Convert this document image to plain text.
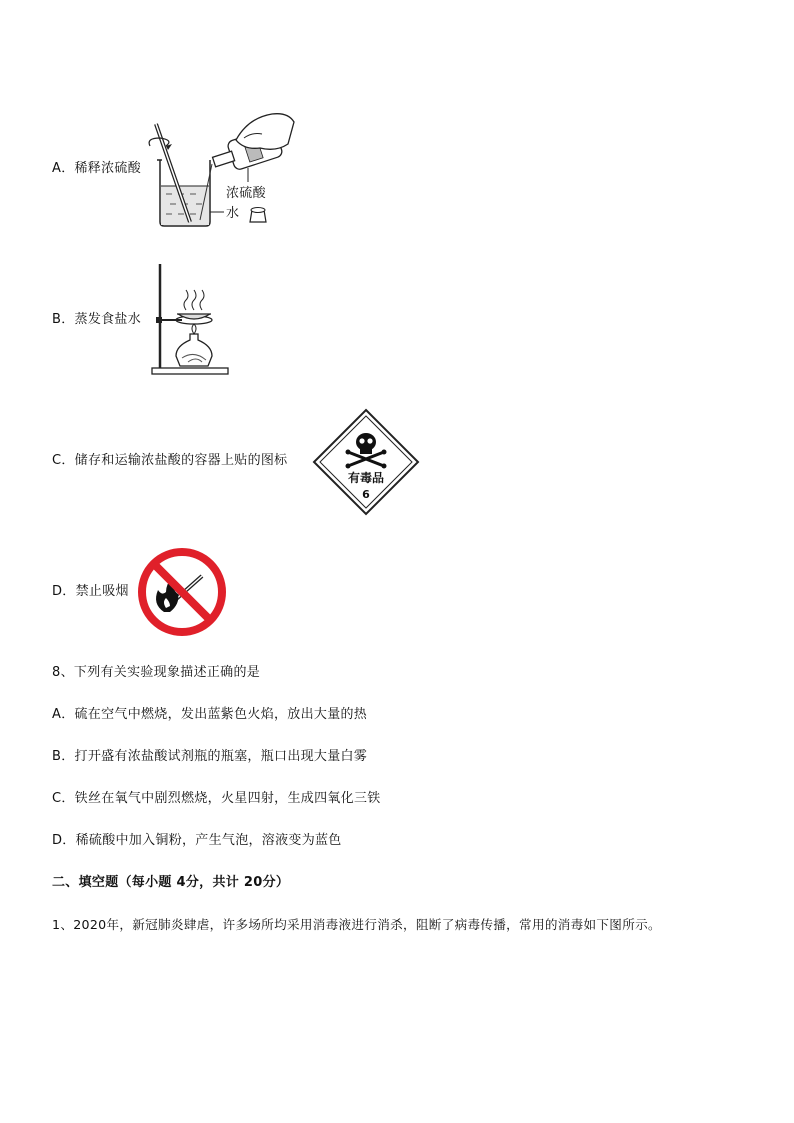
A．稀释浓硫酸
浓硫酸
水
B．蒸发食盐水
C．储存和运输浓盐酸的容器上贴的图标
有毒品
6
D．禁止吸烟
8、下列有关实验现象描述正确的是
A．硫在空气中燃烧，发出蓝紫色火焰，放出大量的热
B．打开盛有浓盐酸试剂瓶的瓶塞，瓶口出现大量白雾
C．铁丝在氧气中剧烈燃烧，火星四射，生成四氧化三铁
D．稀硫酸中加入铜粉，产生气泡，溶液变为蓝色
二、填空题（每小题 4分，共计 20分）
1、2020年，新冠肺炎肆虐，许多场所均采用消毒液进行消杀，阻断了病毒传播，常用的消毒如下图所示。
